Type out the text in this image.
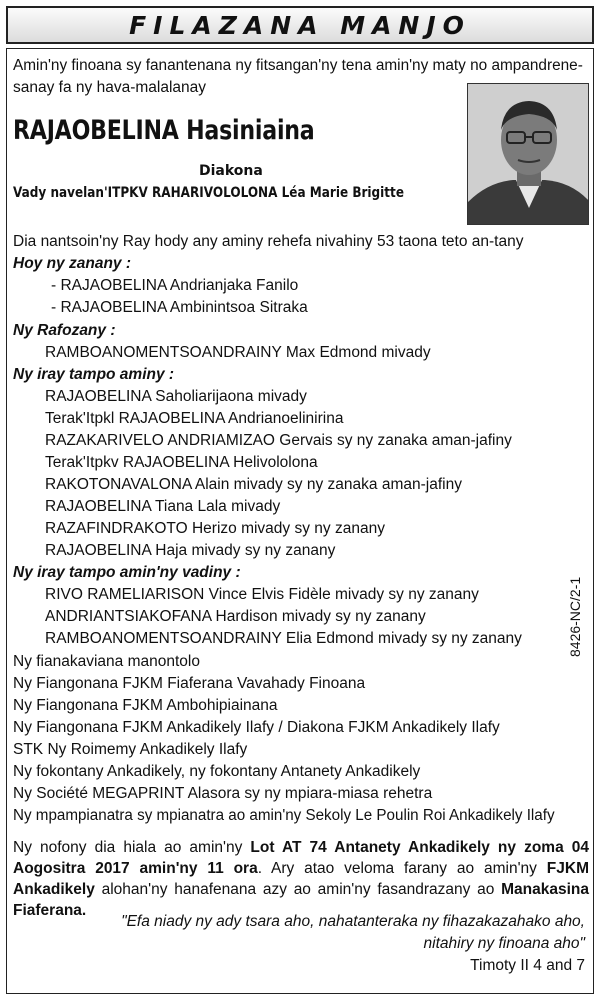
FILAZANA MANJO
Amin'ny finoana sy fanantenana ny fitsangan'ny tena amin'ny maty no ampandrene-
sanay fa ny hava-malalanay
RAJAOBELINA Hasiniaina
Diakona
Vady navelan'ITPKV RAHARIVOLOLONA Léa Marie Brigitte
Dia nantsoin'ny Ray hody any aminy rehefa nivahiny 53 taona teto an-tany
Hoy ny zanany :
- RAJAOBELINA Andrianjaka Fanilo
- RAJAOBELINA Ambinintsoa Sitraka
Ny Rafozany :
RAMBOANOMENTSOANDRAINY Max Edmond mivady
Ny iray tampo aminy :
RAJAOBELINA Saholiarijaona mivady
Terak'Itpkl RAJAOBELINA Andrianoelinirina
RAZAKARIVELO ANDRIAMIZAO Gervais sy ny zanaka aman-jafiny
Terak'Itpkv RAJAOBELINA Helivololona
RAKOTONAVALONA Alain mivady sy ny zanaka aman-jafiny
RAJAOBELINA Tiana Lala mivady
RAZAFINDRAKOTO Herizo mivady sy ny zanany
RAJAOBELINA Haja mivady sy ny zanany
Ny iray tampo amin'ny vadiny :
RIVO RAMELIARISON Vince Elvis Fidèle mivady sy ny zanany
ANDRIANTSIAKOFANA Hardison mivady sy ny zanany
RAMBOANOMENTSOANDRAINY Elia Edmond mivady sy ny zanany
Ny fianakaviana manontolo
Ny Fiangonana FJKM Fiaferana Vavahady Finoana
Ny Fiangonana FJKM Ambohipiainana
Ny Fiangonana FJKM Ankadikely Ilafy / Diakona FJKM Ankadikely Ilafy
STK Ny Roimemy Ankadikely Ilafy
Ny fokontany Ankadikely, ny fokontany Antanety Ankadikely
Ny Société MEGAPRINT Alasora sy ny mpiara-miasa rehetra
Ny mpampianatra sy mpianatra ao amin'ny Sekoly Le Poulin Roi Ankadikely Ilafy
8426-NC/2-1

Ny nofony dia hiala ao amin'ny Lot AT 74 Antanety Ankadikely ny zoma 04 Aogositra 2017 amin'ny 11 ora. Ary atao veloma farany ao amin'ny FJKM Ankadikely alohan'ny hanafenana azy ao amin'ny fasandrazany ao Manakasina Fiaferana.

"Efa niady ny ady tsara aho, nahatanteraka ny fihazakazahako aho,
nitahiry ny finoana aho"
Timoty II 4 and 7
